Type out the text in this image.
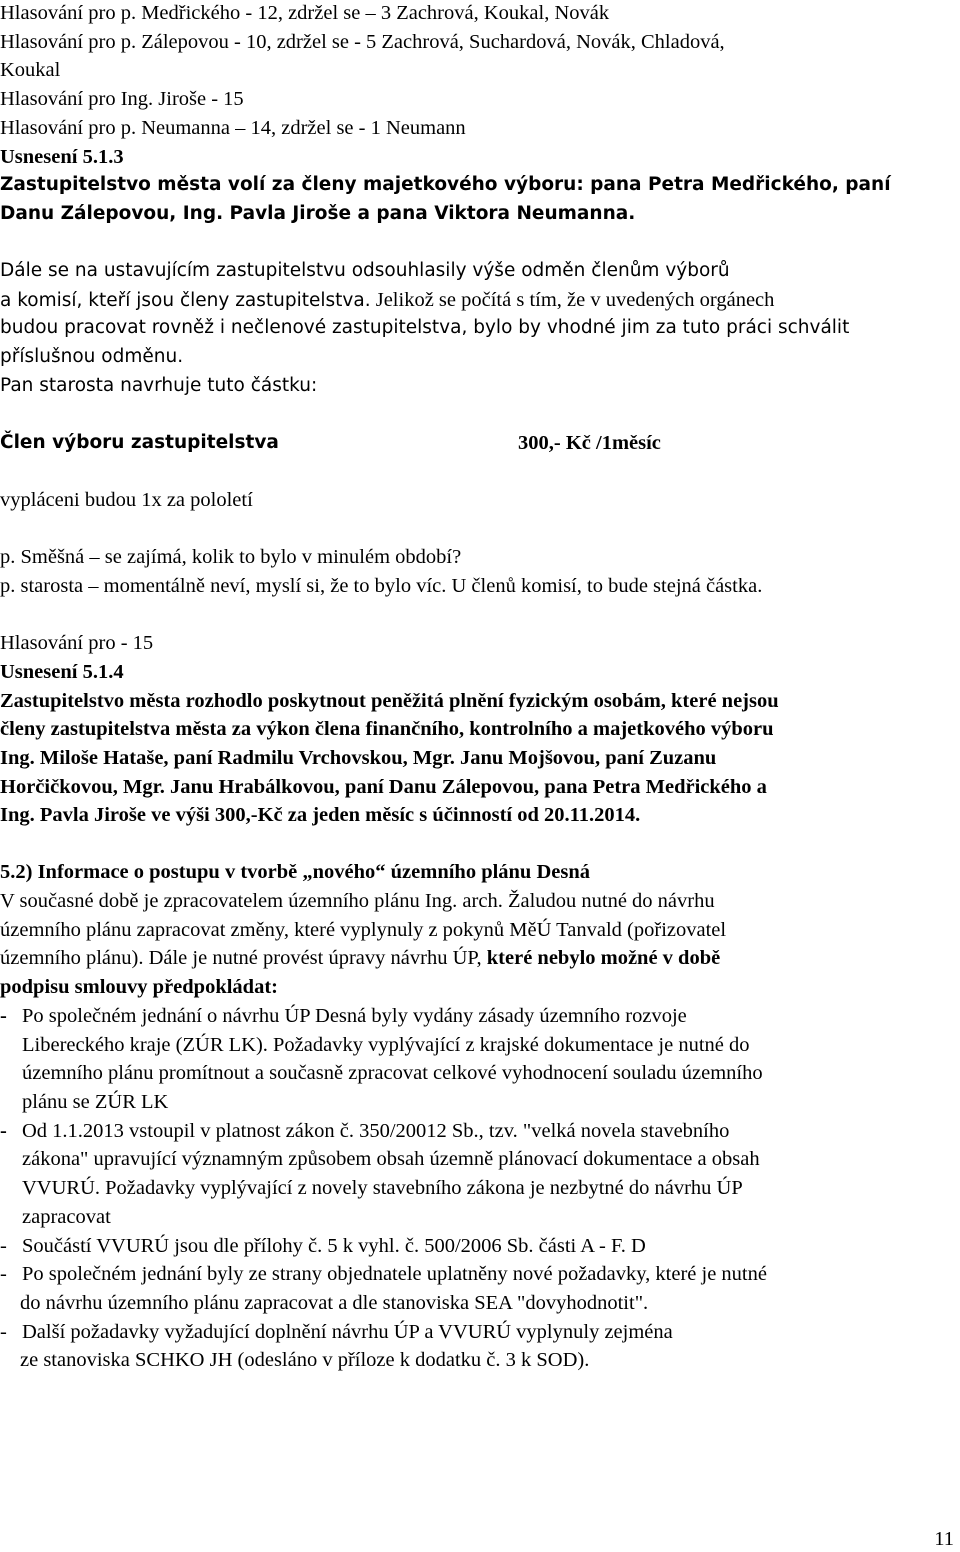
Hlasování pro p. Medřického - 12, zdržel se – 3 Zachrová, Koukal, Novák
Hlasování pro p. Zálepovou - 10, zdržel se - 5 Zachrová, Suchardová, Novák, Chladová,
Koukal
Hlasování pro Ing. Jiroše - 15
Hlasování pro p. Neumanna – 14, zdržel se - 1 Neumann
Usnesení 5.1.3
Zastupitelstvo města volí za členy majetkového výboru: pana Petra Medřického, paní
Danu Zálepovou, Ing. Pavla Jiroše a pana Viktora Neumanna.
Dále se na ustavujícím zastupitelstvu odsouhlasily výše odměn členům výborů
a komisí, kteří jsou členy zastupitelstva. Jelikož se počítá s tím, že v uvedených orgánech
budou pracovat rovněž i nečlenové zastupitelstva, bylo by vhodné jim za tuto práci schválit
příslušnou odměnu.
Pan starosta navrhuje tuto částku:
Člen výboru zastupitelstva	300,- Kč /1měsíc
vypláceni budou 1x za pololetí
p. Směšná – se zajímá, kolik to bylo v minulém období?
p. starosta – momentálně neví, myslí si, že to bylo víc. U členů komisí, to bude stejná částka.
Hlasování pro - 15
Usnesení 5.1.4
Zastupitelstvo města rozhodlo poskytnout peněžitá plnění fyzickým osobám, které nejsou
členy zastupitelstva města za výkon člena finančního, kontrolního a majetkového výboru
Ing. Miloše Hataše, paní Radmilu Vrchovskou, Mgr. Janu Mojšovou, paní Zuzanu
Horčičkovou, Mgr. Janu Hrabálkovou, paní Danu Zálepovou, pana Petra Medřického a
Ing. Pavla Jiroše ve výši 300,-Kč za jeden měsíc s účinností od 20.11.2014.
5.2) Informace o postupu v tvorbě „nového“ územního plánu Desná
V současné době je zpracovatelem územního plánu Ing. arch. Žaludou nutné do návrhu
územního plánu zapracovat změny, které vyplynuly z pokynů MěÚ Tanvald (pořizovatel
územního plánu). Dále je nutné provést úpravy návrhu ÚP, které nebylo možné v době
podpisu smlouvy předpokládat:
- Po společném jednání o návrhu ÚP Desná byly vydány zásady územního rozvoje
Libereckého kraje (ZÚR LK). Požadavky vyplývající z krajské dokumentace je nutné do
územního plánu promítnout a současně zpracovat celkové vyhodnocení souladu územního
plánu se ZÚR LK
- Od 1.1.2013 vstoupil v platnost zákon č. 350/20012 Sb., tzv. "velká novela stavebního
zákona" upravující významným způsobem obsah územně plánovací dokumentace a obsah
VVURÚ. Požadavky vyplývající z novely stavebního zákona je nezbytné do návrhu ÚP
zapracovat
- Součástí VVURÚ jsou dle přílohy č. 5 k vyhl. č. 500/2006 Sb. části A - F. D
- Po společném jednání byly ze strany objednatele uplatněny nové požadavky, které je nutné
do návrhu územního plánu zapracovat a dle stanoviska SEA "dovyhodnotit".
- Další požadavky vyžadující doplnění návrhu ÚP a VVURÚ vyplynuly zejména
ze stanoviska SCHKO JH (odesláno v příloze k dodatku č. 3 k SOD).
11
